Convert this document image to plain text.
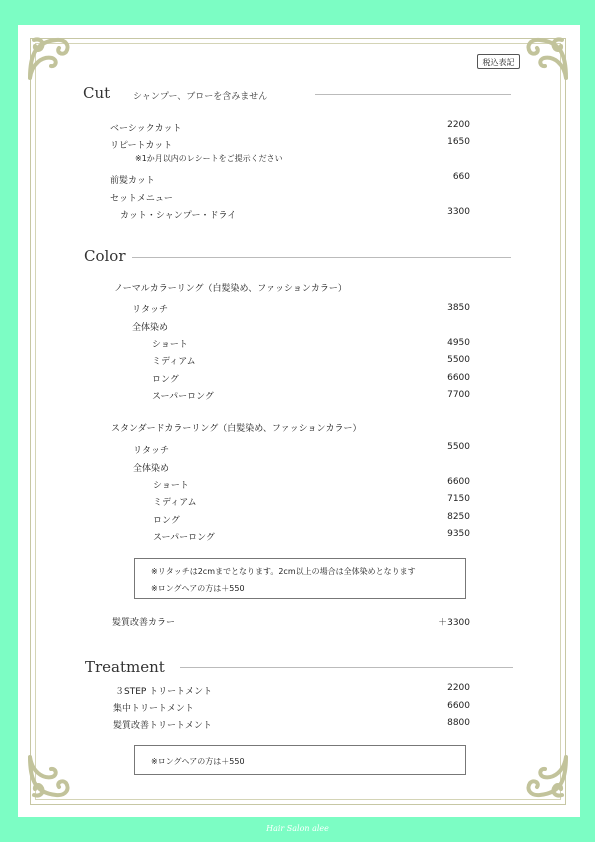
税込表記
Cut	シャンプー、ブローを含みません
ベーシックカット	2200
リピートカット	1650
※1か月以内のレシートをご提示ください
前髪カット	660
セットメニュー
カット・シャンプー・ドライ	3300
Color
ノーマルカラーリング（白髪染め、ファッションカラー）
リタッチ	3850
全体染め
ショート	4950
ミディアム	5500
ロング	6600
スーパーロング	7700
スタンダードカラーリング（白髪染め、ファッションカラー）
リタッチ	5500
全体染め
ショート	6600
ミディアム	7150
ロング	8250
スーパーロング	9350
※リタッチは2cmまでとなります。2cm以上の場合は全体染めとなります
※ロングヘアの方は＋550
髪質改善カラー	＋3300
Treatment
３STEP トリートメント	2200
集中トリートメント	6600
髪質改善トリートメント	8800
※ロングヘアの方は＋550
Hair Salon alee
